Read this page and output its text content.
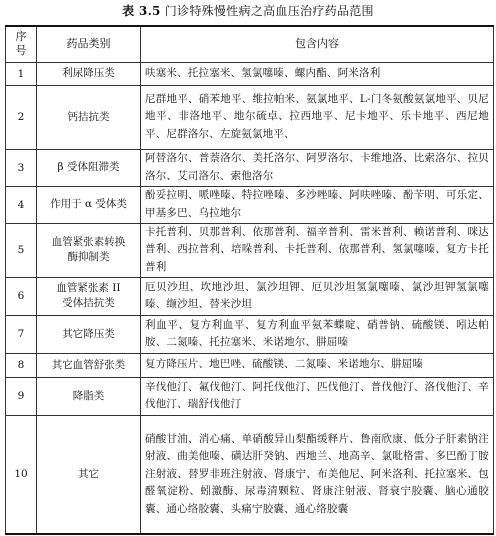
表 3.5 门诊特殊慢性病之高血压治疗药品范围
序号	药品类别	包含内容
1	利尿降压类	呋塞米、托拉塞米、氢氯噻嗪、螺内酯、阿米洛利
2	钙拮抗类	尼群地平、硝苯地平、维拉帕米、氨氯地平、L-门冬氨酸氨氯地平、贝尼地平、非洛地平、地尔硫卓、拉西地平、尼卡地平、乐卡地平、西尼地平、尼群洛尔、左旋氨氯地平、
3	β 受体阻滞类	阿替洛尔、普萘洛尔、美托洛尔、阿罗洛尔、卡维地洛、比索洛尔、拉贝洛尔、艾司洛尔、索他洛尔
4	作用于 α 受体类	酚妥拉明、哌唑嗪、特拉唑嗪、多沙唑嗪、阿呋唑嗪、酚苄明、可乐定、甲基多巴、乌拉地尔
5	血管紧张素转换酶抑制类	卡托普利、贝那普利、依那普利、福辛普利、雷米普利、赖诺普利、咪达普利、西拉普利、培哚普利、卡托普利、依那普利、氢氯噻嗪、复方卡托普利
6	血管紧张素 II 受体拮抗类	厄贝沙坦、坎地沙坦、氯沙坦钾、厄贝沙坦氢氯噻嗪、氯沙坦钾氢氯噻嗪、缬沙坦、替米沙坦
7	其它降压类	利血平、复方利血平、复方利血平氨苯蝶啶、硝普钠、硫酸镁、吲达帕胺、二氮嗪、托拉塞米、米诺地尔、肼屈嗪
8	其它血管舒张类	复方降压片、地巴唑、硫酸镁、二氮嗪、米诺地尔、肼屈嗪
9	降脂类	辛伐他汀、氟伐他汀、阿托伐他汀、匹伐他汀、普伐他汀、洛伐他汀、辛伐他汀、瑞舒伐他汀
10	其它	硝酸甘油、消心痛、单硝酸异山梨酯缓释片、鲁南欣康、低分子肝素钠注射液、曲美他嗪、磺达肝癸钠、西地兰、地高辛、氯吡格雷、多巴酚丁胺注射液、替罗非班注射液、肾康宁、布美他尼、阿米洛利、托拉塞米、包醛氧淀粉、蚓激酶、尿毒清颗粒、肾康注射液、肾衰宁胶囊、脑心通胶囊、通心络胶囊、头痛宁胶囊、通心络胶囊
